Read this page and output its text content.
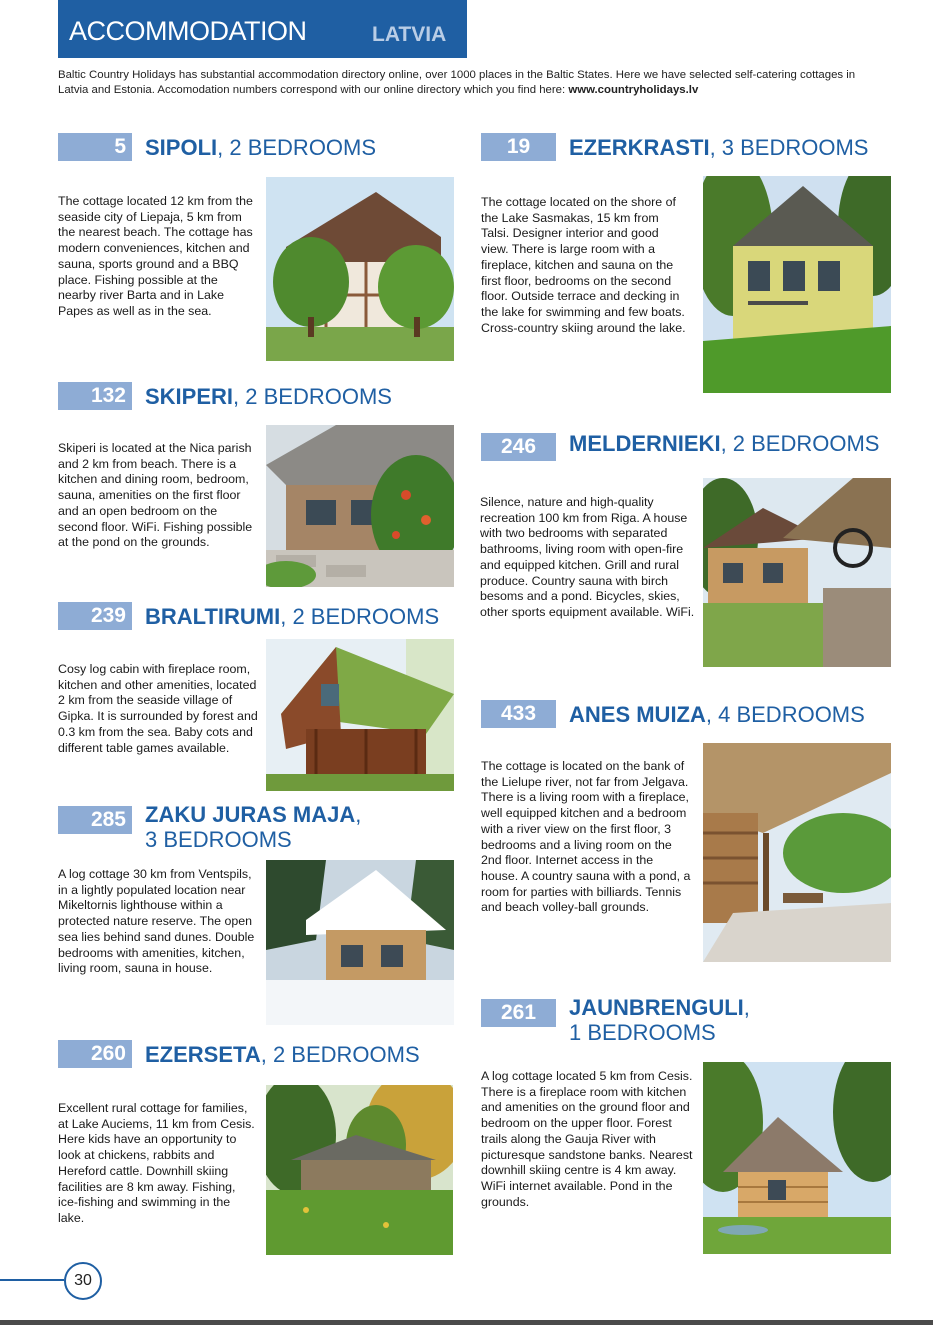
ACCOMMODATION	LATVIA
Baltic Country Holidays has substantial accommodation directory online, over 1000 places in the Baltic States. Here we have selected self-catering cottages in Latvia and Estonia. Accomodation numbers correspond with our online directory which you find here: www.countryholidays.lv
5 SIPOLI, 2 BEDROOMS
The cottage located 12 km from the seaside city of Liepaja, 5 km from the nearest beach. The cottage has modern conveniences, kitchen and sauna, sports ground and a BBQ place. Fishing possible at the nearby river Barta and in Lake Papes as well as in the sea.
132 SKIPERI, 2 BEDROOMS
Skiperi is located at the Nica parish and 2 km from beach. There is a kitchen and dining room, bedroom, sauna, amenities on the first floor and an open bedroom on the second floor. WiFi. Fishing possible at the pond on the grounds.
239 BRALTIRUMI, 2 BEDROOMS
Cosy log cabin with fireplace room, kitchen and other amenities, located 2 km from the seaside village of Gipka. It is surrounded by forest and 0.3 km from the sea. Baby cots and different table games available.
285 ZAKU JURAS MAJA,
3 BEDROOMS
A log cottage 30 km from Ventspils, in a lightly populated location near Mikeltornis lighthouse within a protected nature reserve. The open sea lies behind sand dunes. Double bedrooms with amenities, kitchen, living room, sauna in house.
260 EZERSETA, 2 BEDROOMS
Excellent rural cottage for families, at Lake Auciems, 11 km from Cesis. Here kids have an opportunity to look at chickens, rabbits and Hereford cattle. Downhill skiing facilities are 8 km away. Fishing, ice-fishing and swimming in the lake.
19	EZERKRASTI, 3 BEDROOMS
The cottage located on the shore of the Lake Sasmakas, 15 km from Talsi. Designer interior and good view. There is large room with a fireplace, kitchen and sauna on the first floor, bedrooms on the second floor. Outside terrace and decking in the lake for swimming and few boats. Cross-country skiing around the lake.
246	MELDERNIEKI, 2 BEDROOMS
Silence, nature and high-quality recreation 100 km from Riga. A house with two bedrooms with separated bathrooms, living room with open-fire and equipped kitchen. Grill and rural produce. Country sauna with birch besoms and a pond. Bicycles, skies, other sports equipment available. WiFi.
433	ANES MUIZA, 4 BEDROOMS
The cottage is located on the bank of the Lielupe river, not far from Jelgava. There is a living room with a fireplace, well equipped kitchen and a bedroom with a river view on the first floor, 3 bedrooms and a living room on the 2nd floor. Internet access in the house. A country sauna with a pond, a room for parties with billiards. Tennis and beach volley-ball grounds.
261	JAUNBRENGULI,
1 BEDROOMS
A log cottage located 5 km from Cesis. There is a fireplace room with kitchen and amenities on the ground floor and bedroom on the upper floor. Forest trails along the Gauja River with picturesque sandstone banks. Nearest downhill skiing centre is 4 km away. WiFi internet available. Pond in the grounds.
30
